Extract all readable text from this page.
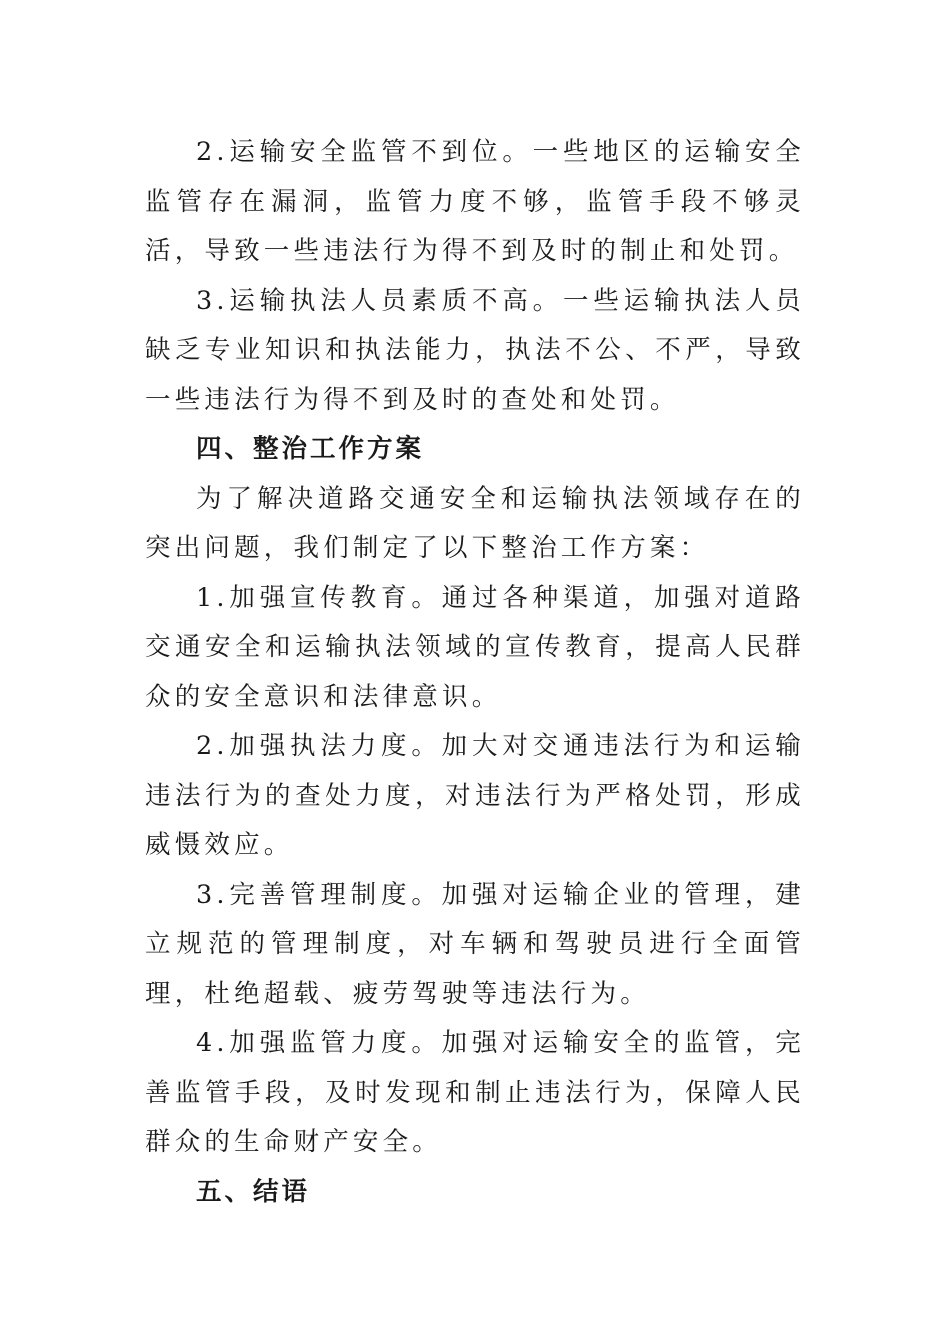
2.运输安全监管不到位。一些地区的运输安全监管存在漏洞，监管力度不够，监管手段不够灵活，导致一些违法行为得不到及时的制止和处罚。

3.运输执法人员素质不高。一些运输执法人员缺乏专业知识和执法能力，执法不公、不严，导致一些违法行为得不到及时的查处和处罚。

四、整治工作方案

为了解决道路交通安全和运输执法领域存在的突出问题，我们制定了以下整治工作方案：

1.加强宣传教育。通过各种渠道，加强对道路交通安全和运输执法领域的宣传教育，提高人民群众的安全意识和法律意识。

2.加强执法力度。加大对交通违法行为和运输违法行为的查处力度，对违法行为严格处罚，形成威慑效应。

3.完善管理制度。加强对运输企业的管理，建立规范的管理制度，对车辆和驾驶员进行全面管理，杜绝超载、疲劳驾驶等违法行为。

4.加强监管力度。加强对运输安全的监管，完善监管手段，及时发现和制止违法行为，保障人民群众的生命财产安全。

五、结语
